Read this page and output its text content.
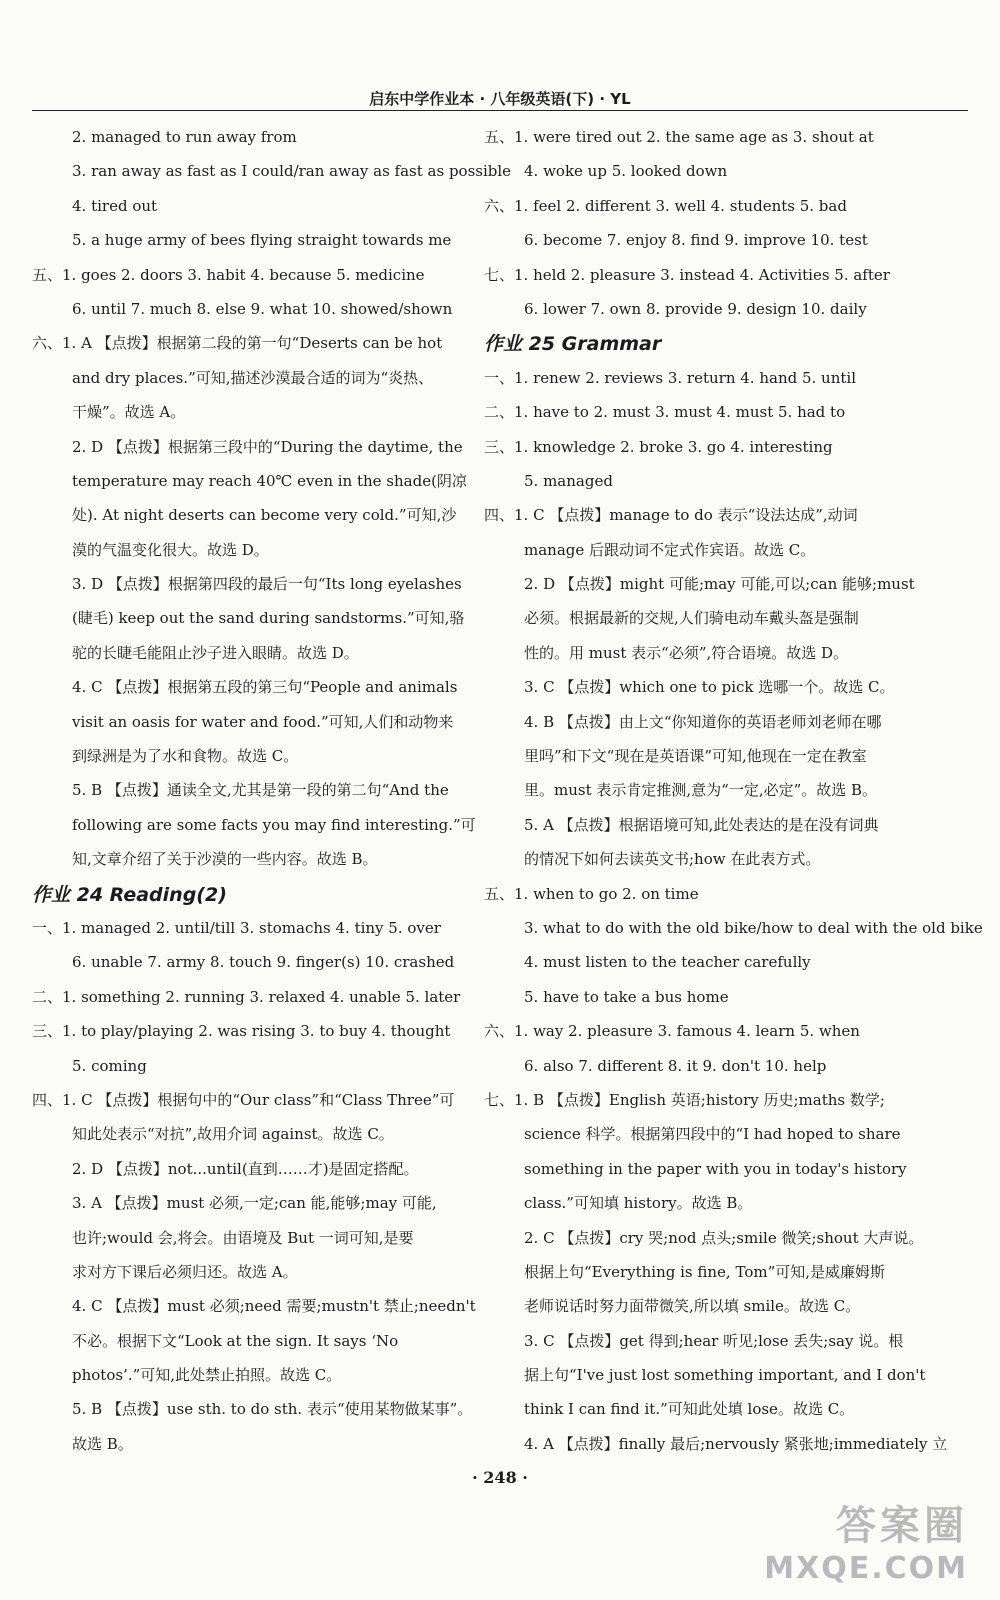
启东中学作业本 · 八年级英语(下) · YL
2. managed to run away from
3. ran away as fast as I could/ran away as fast as possible
4. tired out
5. a huge army of bees flying straight towards me
五、1. goes 2. doors 3. habit 4. because 5. medicine
6. until 7. much 8. else 9. what 10. showed/shown
六、1. A 【点拨】根据第二段的第一句“Deserts can be hot
and dry places.”可知,描述沙漠最合适的词为“炎热、
干燥”。故选 A。
2. D 【点拨】根据第三段中的“During the daytime, the
temperature may reach 40℃ even in the shade(阴凉
处). At night deserts can become very cold.”可知,沙
漠的气温变化很大。故选 D。
3. D 【点拨】根据第四段的最后一句“Its long eyelashes
(睫毛) keep out the sand during sandstorms.”可知,骆
驼的长睫毛能阻止沙子进入眼睛。故选 D。
4. C 【点拨】根据第五段的第三句“People and animals
visit an oasis for water and food.”可知,人们和动物来
到绿洲是为了水和食物。故选 C。
5. B 【点拨】通读全文,尤其是第一段的第二句“And the
following are some facts you may find interesting.”可
知,文章介绍了关于沙漠的一些内容。故选 B。
作业 24 Reading(2)
一、1. managed 2. until/till 3. stomachs 4. tiny 5. over
6. unable 7. army 8. touch 9. finger(s) 10. crashed
二、1. something 2. running 3. relaxed 4. unable 5. later
三、1. to play/playing 2. was rising 3. to buy 4. thought
5. coming
四、1. C 【点拨】根据句中的“Our class”和“Class Three”可
知此处表示“对抗”,故用介词 against。故选 C。
2. D 【点拨】not...until(直到……才)是固定搭配。
3. A 【点拨】must 必须,一定;can 能,能够;may 可能,
也许;would 会,将会。由语境及 But 一词可知,是要
求对方下课后必须归还。故选 A。
4. C 【点拨】must 必须;need 需要;mustn't 禁止;needn't
不必。根据下文“Look at the sign. It says ‘No
photos’.”可知,此处禁止拍照。故选 C。
5. B 【点拨】use sth. to do sth. 表示“使用某物做某事”。
故选 B。
五、1. were tired out 2. the same age as 3. shout at
4. woke up 5. looked down
六、1. feel 2. different 3. well 4. students 5. bad
6. become 7. enjoy 8. find 9. improve 10. test
七、1. held 2. pleasure 3. instead 4. Activities 5. after
6. lower 7. own 8. provide 9. design 10. daily
作业 25 Grammar
一、1. renew 2. reviews 3. return 4. hand 5. until
二、1. have to 2. must 3. must 4. must 5. had to
三、1. knowledge 2. broke 3. go 4. interesting
5. managed
四、1. C 【点拨】manage to do 表示“设法达成”,动词
manage 后跟动词不定式作宾语。故选 C。
2. D 【点拨】might 可能;may 可能,可以;can 能够;must
必须。根据最新的交规,人们骑电动车戴头盔是强制
性的。用 must 表示“必须”,符合语境。故选 D。
3. C 【点拨】which one to pick 选哪一个。故选 C。
4. B 【点拨】由上文“你知道你的英语老师刘老师在哪
里吗”和下文“现在是英语课”可知,他现在一定在教室
里。must 表示肯定推测,意为“一定,必定”。故选 B。
5. A 【点拨】根据语境可知,此处表达的是在没有词典
的情况下如何去读英文书;how 在此表方式。
五、1. when to go 2. on time
3. what to do with the old bike/how to deal with the old bike
4. must listen to the teacher carefully
5. have to take a bus home
六、1. way 2. pleasure 3. famous 4. learn 5. when
6. also 7. different 8. it 9. don't 10. help
七、1. B 【点拨】English 英语;history 历史;maths 数学;
science 科学。根据第四段中的“I had hoped to share
something in the paper with you in today's history
class.”可知填 history。故选 B。
2. C 【点拨】cry 哭;nod 点头;smile 微笑;shout 大声说。
根据上句“Everything is fine, Tom”可知,是威廉姆斯
老师说话时努力面带微笑,所以填 smile。故选 C。
3. C 【点拨】get 得到;hear 听见;lose 丢失;say 说。根
据上句“I've just lost something important, and I don't
think I can find it.”可知此处填 lose。故选 C。
4. A 【点拨】finally 最后;nervously 紧张地;immediately 立
· 248 ·
答案圈
MXQE.COM
